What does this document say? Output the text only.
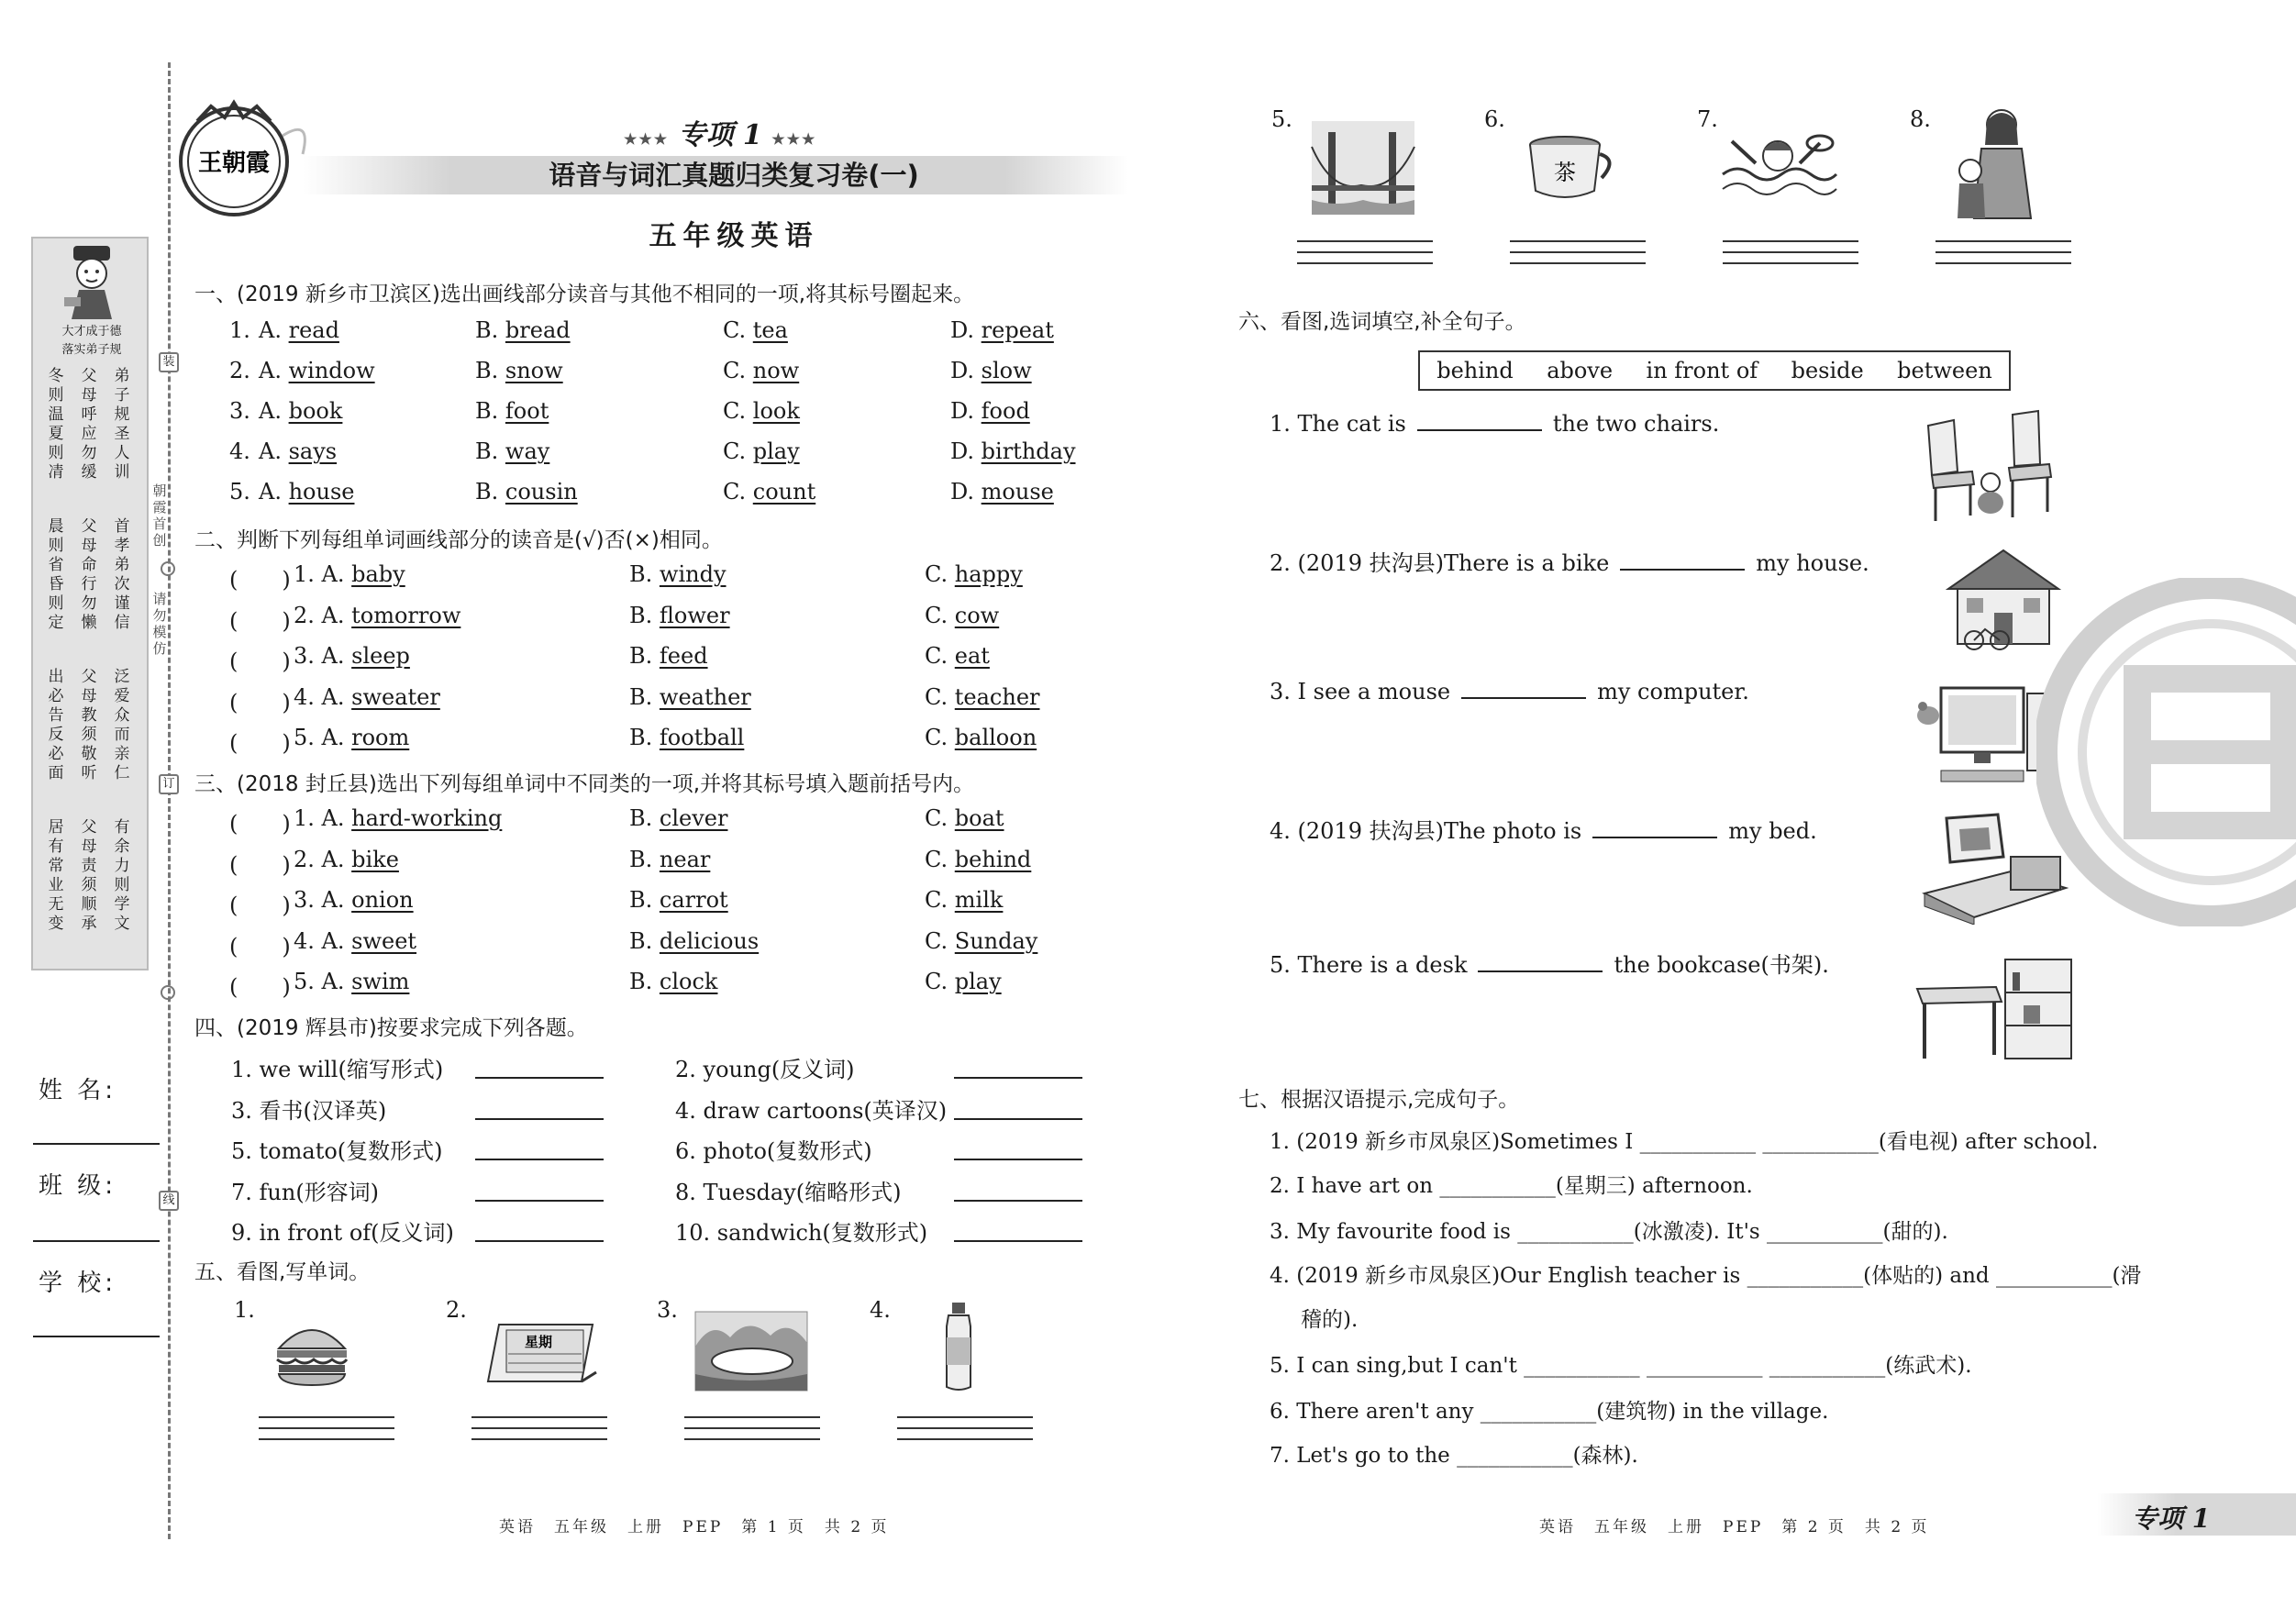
大才成于德
落实弟子规
弟子规圣人训
父母呼应勿缓
冬则温夏则凊
首孝弟次谨信
父母命行勿懒
晨则省昏则定
泛爱众而亲仁
父母教须敬听
出必告反必面
有余力则学文
父母责须顺承
居有常业无变
装
朝霞首创
请勿模仿
订
线
姓 名:
班 级:
学 校:
王朝霞
★★★ 专项 1 ★★★
语音与词汇真题归类复习卷(一)
五年级英语
一、(2019 新乡市卫滨区)选出画线部分读音与其他不相同的一项,将其标号圈起来。
1. A. read	B. bread	C. tea	D. repeat
2. A. window	B. snow	C. now	D. slow
3. A. book	B. foot	C. look	D. food
4. A. says	B. way	C. play	D. birthday
5. A. house	B. cousin	C. count	D. mouse
二、判断下列每组单词画线部分的读音是(√)否(×)相同。
(　　) 1. A. baby	B. windy	C. happy
(　　) 2. A. tomorrow	B. flower	C. cow
(　　) 3. A. sleep	B. feed	C. eat
(　　) 4. A. sweater	B. weather	C. teacher
(　　) 5. A. room	B. football	C. balloon
三、(2018 封丘县)选出下列每组单词中不同类的一项,并将其标号填入题前括号内。
(　　) 1. A. hard-working	B. clever	C. boat
(　　) 2. A. bike	B. near	C. behind
(　　) 3. A. onion	B. carrot	C. milk
(　　) 4. A. sweet	B. delicious	C. Sunday
(　　) 5. A. swim	B. clock	C. play
四、(2019 辉县市)按要求完成下列各题。
1. we will(缩写形式)	2. young(反义词)
3. 看书(汉译英)	4. draw cartoons(英译汉)
5. tomato(复数形式)	6. photo(复数形式)
7. fun(形容词)	8. Tuesday(缩略形式)
9. in front of(反义词)	10. sandwich(复数形式)
五、看图,写单词。
1.	2.
星期
3.	4.
5.	6.
茶
7.	8.
六、看图,选词填空,补全句子。
behind above in front of beside between
1. The cat is	the two chairs.
2. (2019 扶沟县)There is a bike	my house.
3. I see a mouse	my computer.
4. (2019 扶沟县)The photo is	my bed.
5. There is a desk	the bookcase(书架).
七、根据汉语提示,完成句子。
1. (2019 新乡市凤泉区)Sometimes I ___________ ___________(看电视) after school.
2. I have art on ___________(星期三) afternoon.
3. My favourite food is ___________(冰激凌). It's ___________(甜的).
4. (2019 新乡市凤泉区)Our English teacher is ___________(体贴的) and ___________(滑
稽的).
5. I can sing,but I can't ___________ ___________ ___________(练武术).
6. There aren't any ___________(建筑物) in the village.
7. Let's go to the ___________(森林).
英语　五年级　上册　PEP　第 1 页　共 2 页	英语　五年级　上册　PEP　第 2 页　共 2 页	专项 1
